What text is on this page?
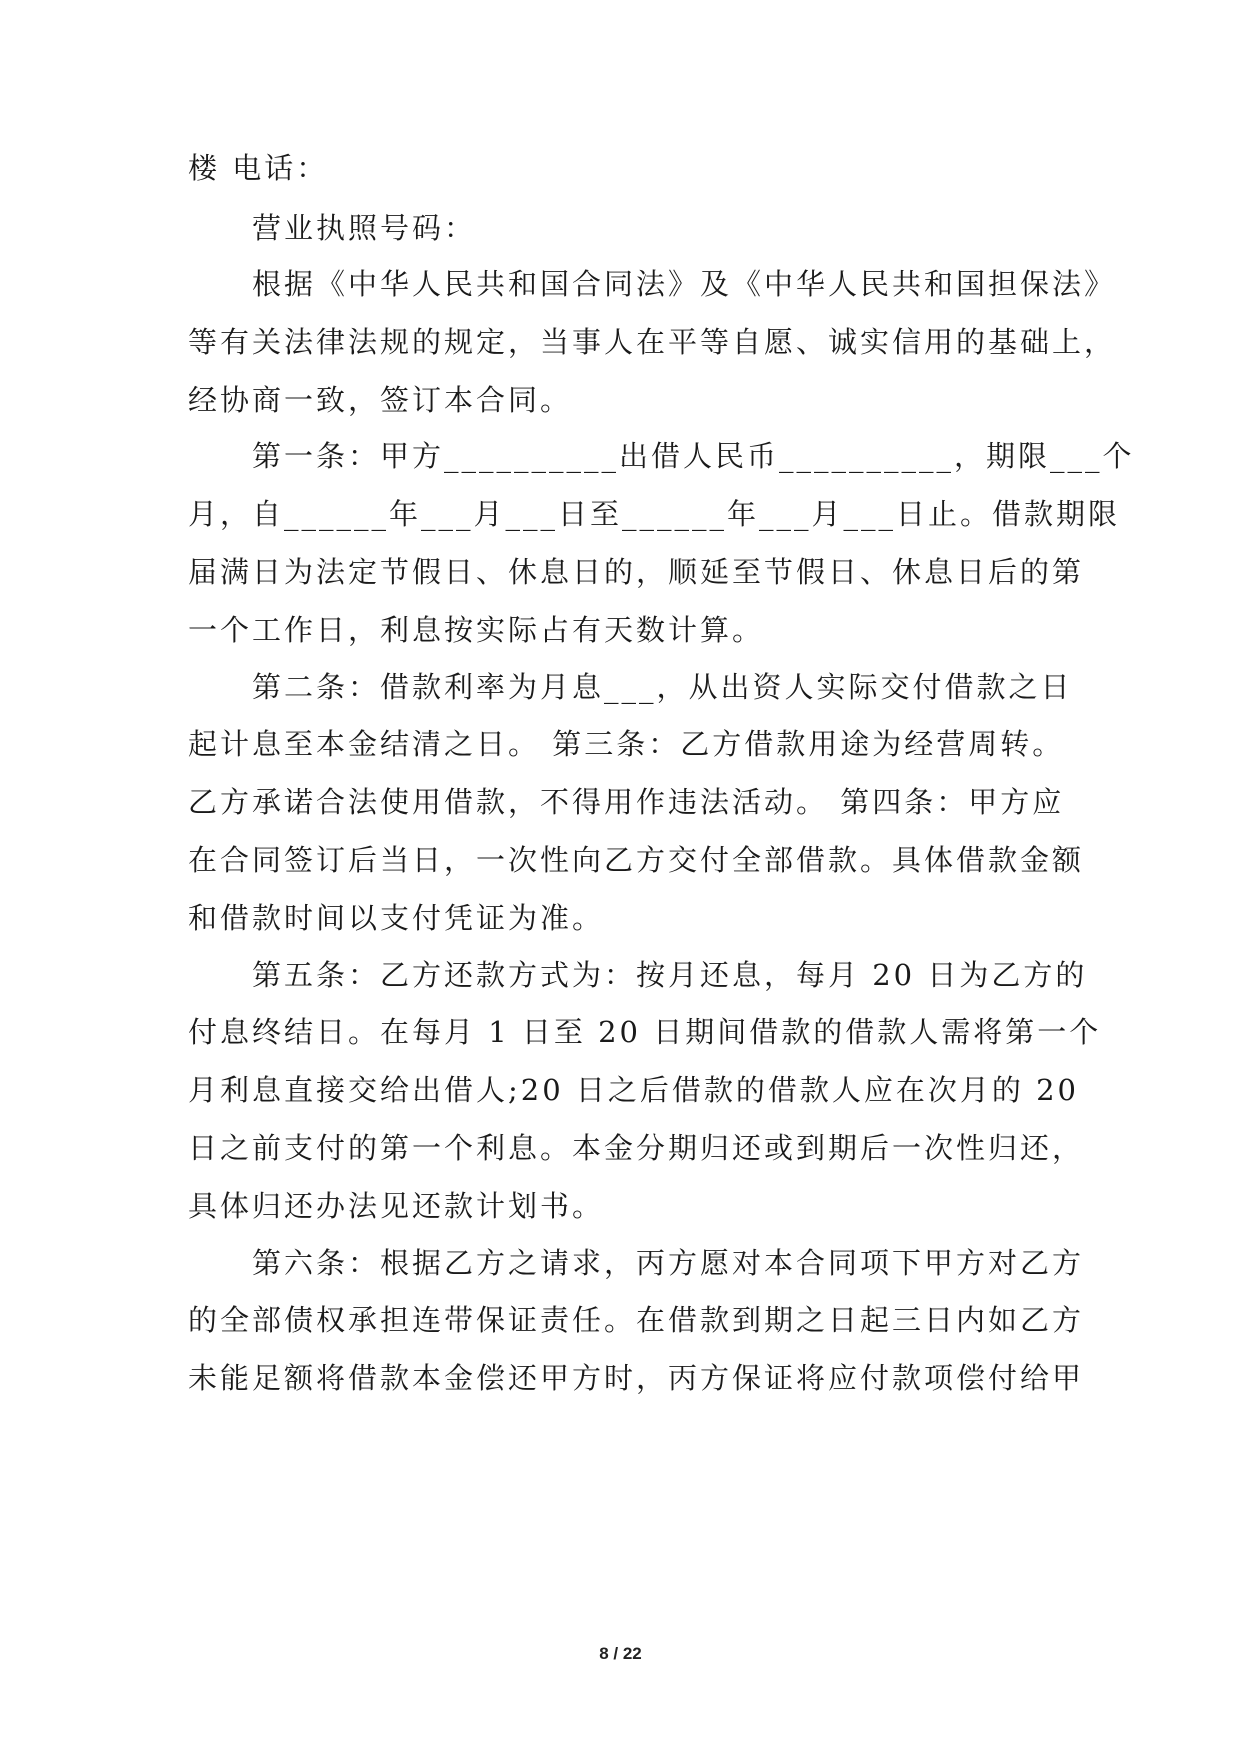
楼 电话：
营业执照号码：
根据《中华人民共和国合同法》及《中华人民共和国担保法》
等有关法律法规的规定，当事人在平等自愿、诚实信用的基础上，
经协商一致，签订本合同。
第一条：甲方__________出借人民币__________，期限___个
月，自______年___月___日至______年___月___日止。借款期限
届满日为法定节假日、休息日的，顺延至节假日、休息日后的第
一个工作日，利息按实际占有天数计算。
第二条：借款利率为月息___，从出资人实际交付借款之日
起计息至本金结清之日。 第三条：乙方借款用途为经营周转。
乙方承诺合法使用借款，不得用作违法活动。 第四条：甲方应
在合同签订后当日，一次性向乙方交付全部借款。具体借款金额
和借款时间以支付凭证为准。
第五条：乙方还款方式为：按月还息，每月 20 日为乙方的
付息终结日。在每月 1 日至 20 日期间借款的借款人需将第一个
月利息直接交给出借人;20 日之后借款的借款人应在次月的 20
日之前支付的第一个利息。本金分期归还或到期后一次性归还，
具体归还办法见还款计划书。
第六条：根据乙方之请求，丙方愿对本合同项下甲方对乙方
的全部债权承担连带保证责任。在借款到期之日起三日内如乙方
未能足额将借款本金偿还甲方时，丙方保证将应付款项偿付给甲
8 / 22
